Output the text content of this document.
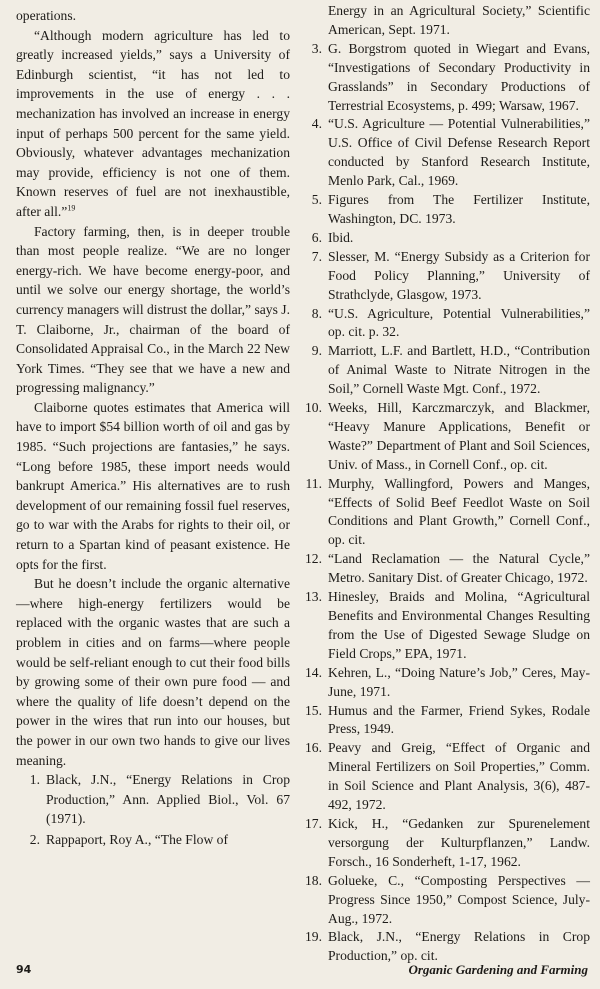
operations.

“Although modern agriculture has led to greatly increased yields,” says a University of Edinburgh scientist, “it has not led to improvements in the use of energy . . . mechanization has involved an increase in energy input of perhaps 500 percent for the same yield. Obviously, whatever advantages mechanization may provide, efficiency is not one of them. Known reserves of fuel are not inexhaustible, after all.”$^{19}$

Factory farming, then, is in deeper trouble than most people realize. “We are no longer energy-rich. We have become energy-poor, and until we solve our energy shortage, the world’s currency managers will distrust the dollar,” says J. T. Claiborne, Jr., chairman of the board of Consolidated Appraisal Co., in the March 22 New York Times. “They see that we have a new and progressing malignancy.”

Claiborne quotes estimates that America will have to import $54 billion worth of oil and gas by 1985. “Such projections are fantasies,” he says. “Long before 1985, these import needs would bankrupt America.” His alternatives are to rush development of our remaining fossil fuel reserves, go to war with the Arabs for rights to their oil, or return to a Spartan kind of peasant existence. He opts for the first.

But he doesn’t include the organic alternative—where high-energy fertilizers would be replaced with the organic wastes that are such a problem in cities and on farms—where people would be self-reliant enough to cut their food bills by growing some of their own pure food — and where the quality of life doesn’t depend on the power in the wires that run into our houses, but the power in our own two hands to give our lives meaning.

1. Black, J.N., “Energy Relations in Crop Production,” Ann. Applied Biol., Vol. 67 (1971).
2. Rappaport, Roy A., “The Flow of
Energy in an Agricultural Society,” Scientific American, Sept. 1971.
3. G. Borgstrom quoted in Wiegart and Evans, “Investigations of Secondary Productivity in Grasslands” in Secondary Productions of Terrestrial Ecosystems, p. 499; Warsaw, 1967.
4. “U.S. Agriculture — Potential Vulnerabilities,” U.S. Office of Civil Defense Research Report conducted by Stanford Research Institute, Menlo Park, Cal., 1969.
5. Figures from The Fertilizer Institute, Washington, DC. 1973.
6. Ibid.
7. Slesser, M. “Energy Subsidy as a Criterion for Food Policy Planning,” University of Strathclyde, Glasgow, 1973.
8. “U.S. Agriculture, Potential Vulnerabilities,” op. cit. p. 32.
9. Marriott, L.F. and Bartlett, H.D., “Contribution of Animal Waste to Nitrate Nitrogen in the Soil,” Cornell Waste Mgt. Conf., 1972.
10. Weeks, Hill, Karczmarczyk, and Blackmer, “Heavy Manure Applications, Benefit or Waste?” Department of Plant and Soil Sciences, Univ. of Mass., in Cornell Conf., op. cit.
11. Murphy, Wallingford, Powers and Manges, “Effects of Solid Beef Feedlot Waste on Soil Conditions and Plant Growth,” Cornell Conf., op. cit.
12. “Land Reclamation — the Natural Cycle,” Metro. Sanitary Dist. of Greater Chicago, 1972.
13. Hinesley, Braids and Molina, “Agricultural Benefits and Environmental Changes Resulting from the Use of Digested Sewage Sludge on Field Crops,” EPA, 1971.
14. Kehren, L., “Doing Nature’s Job,” Ceres, May-June, 1971.
15. Humus and the Farmer, Friend Sykes, Rodale Press, 1949.
16. Peavy and Greig, “Effect of Organic and Mineral Fertilizers on Soil Properties,” Comm. in Soil Science and Plant Analysis, 3(6), 487-492, 1972.
17. Kick, H., “Gedanken zur Spurenelement versorgung der Kulturpflanzen,” Landw. Forsch., 16 Sonderheft, 1-17, 1962.
18. Golueke, C., “Composting Perspectives — Progress Since 1950,” Compost Science, July-Aug., 1972.
19. Black, J.N., “Energy Relations in Crop Production,” op. cit.
94	Organic Gardening and Farming
